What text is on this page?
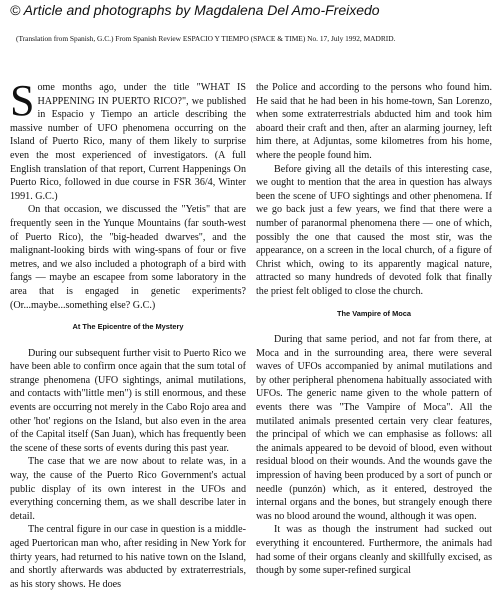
© Article and photographs by Magdalena Del Amo-Freixedo
(Translation from Spanish, G.C.) From Spanish Review ESPACIO Y TIEMPO (SPACE & TIME) No. 17, July 1992, MADRID.

Some months ago, under the title "WHAT IS HAPPENING IN PUERTO RICO?", we published in Espacio y Tiempo an article describing the massive number of UFO phenomena occurring on the Island of Puerto Rico, many of them likely to surprise even the most experienced of investigators. (A full English translation of that report, Current Happenings On Puerto Rico, followed in due course in FSR 36/4, Winter 1991. G.C.)

On that occasion, we discussed the "Yetis" that are frequently seen in the Yunque Mountains (far south-west of Puerto Rico), the "big-headed dwarves", and the malignant-looking birds with wing-spans of four or five metres, and we also included a photograph of a bird with fangs — maybe an escapee from some laboratory in the area that is engaged in genetic experiments? (Or...maybe...something else? G.C.)

At The Epicentre of the Mystery

During our subsequent further visit to Puerto Rico we have been able to confirm once again that the sum total of strange phenomena (UFO sightings, animal mutilations, and contacts with"little men") is still enormous, and these events are occurring not merely in the Cabo Rojo area and other 'hot' regions on the Island, but also even in the area of the Capital itself (San Juan), which has frequently been the scene of these sorts of events during this past year.

The case that we are now about to relate was, in a way, the cause of the Puerto Rico Government's actual public display of its own interest in the UFOs and everything concerning them, as we shall describe later in detail.

The central figure in our case in question is a middle-aged Puertorican man who, after residing in New York for thirty years, had returned to his native town on the Island, and shortly afterwards was abducted by extraterrestrials, as his story shows. He does

the Police and according to the persons who found him. He said that he had been in his home-town, San Lorenzo, when some extraterrestrials abducted him and took him aboard their craft and then, after an alarming journey, left him there, at Adjuntas, some kilometres from his home, where the people found him.

Before giving all the details of this interesting case, we ought to mention that the area in question has always been the scene of UFO sightings and other phenomena. If we go back just a few years, we find that there were a number of paranormal phenomena there — one of which, possibly the one that caused the most stir, was the appearance, on a screen in the local church, of a figure of Christ which, owing to its apparently magical nature, attracted so many hundreds of devoted folk that finally the priest felt obliged to close the church.

The Vampire of Moca

During that same period, and not far from there, at Moca and in the surrounding area, there were several waves of UFOs accompanied by animal mutilations and by other peripheral phenomena habitually associated with UFOs. The generic name given to the whole pattern of events there was "The Vampire of Moca". All the mutilated animals presented certain very clear features, the principal of which we can emphasise as follows: all the animals appeared to be devoid of blood, even without residual blood on their wounds. And the wounds gave the impression of having been produced by a sort of punch or needle (punzón) which, as it entered, destroyed the internal organs and the bones, but strangely enough there was no blood around the wound, although it was open.

It was as though the instrument had sucked out everything it encountered. Furthermore, the animals had had some of their organs cleanly and skillfully excised, as though by some super-refined surgical
